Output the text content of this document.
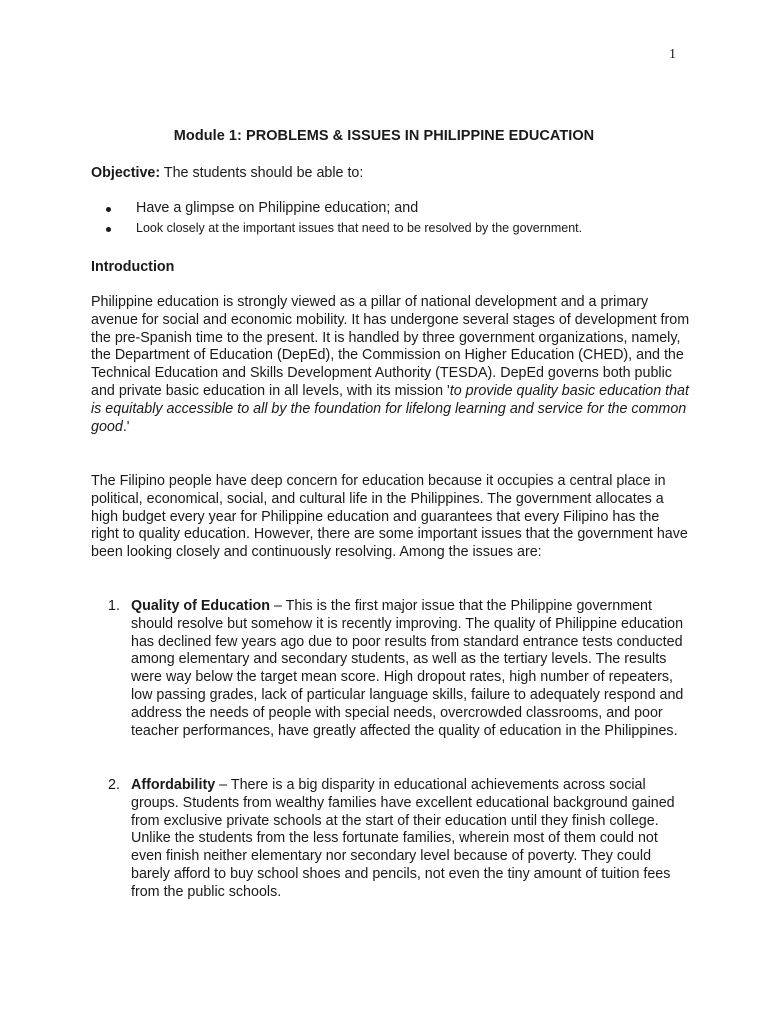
1
Module 1: PROBLEMS & ISSUES IN PHILIPPINE EDUCATION
Objective: The students should be able to:
Have a glimpse on Philippine education; and
Look closely at the important issues that need to be resolved by the government.
Introduction
Philippine education is strongly viewed as a pillar of national development and a primary avenue for social and economic mobility. It has undergone several stages of development from the pre-Spanish time to the present. It is handled by three government organizations, namely, the Department of Education (DepEd), the Commission on Higher Education (CHED), and the Technical Education and Skills Development Authority (TESDA). DepEd governs both public and private basic education in all levels, with its mission 'to provide quality basic education that is equitably accessible to all by the foundation for lifelong learning and service for the common good.'
The Filipino people have deep concern for education because it occupies a central place in political, economical, social, and cultural life in the Philippines. The government allocates a high budget every year for Philippine education and guarantees that every Filipino has the right to quality education. However, there are some important issues that the government have been looking closely and continuously resolving. Among the issues are:
1. Quality of Education – This is the first major issue that the Philippine government should resolve but somehow it is recently improving. The quality of Philippine education has declined few years ago due to poor results from standard entrance tests conducted among elementary and secondary students, as well as the tertiary levels. The results were way below the target mean score. High dropout rates, high number of repeaters, low passing grades, lack of particular language skills, failure to adequately respond and address the needs of people with special needs, overcrowded classrooms, and poor teacher performances, have greatly affected the quality of education in the Philippines.
2. Affordability – There is a big disparity in educational achievements across social groups. Students from wealthy families have excellent educational background gained from exclusive private schools at the start of their education until they finish college. Unlike the students from the less fortunate families, wherein most of them could not even finish neither elementary nor secondary level because of poverty. They could barely afford to buy school shoes and pencils, not even the tiny amount of tuition fees from the public schools.
